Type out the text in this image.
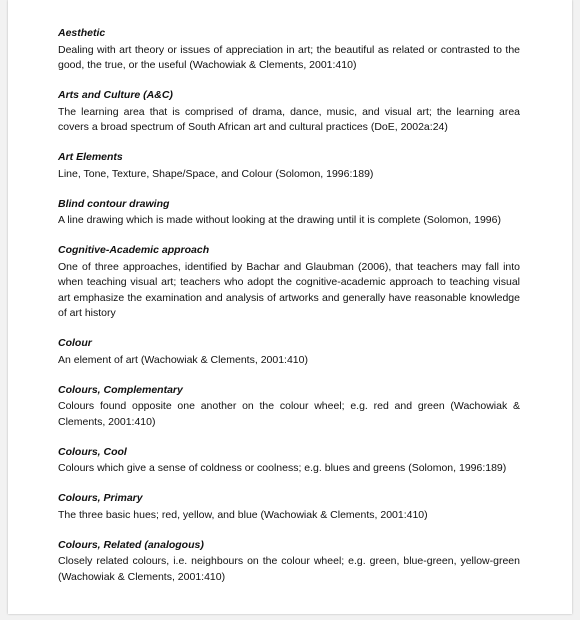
Aesthetic
Dealing with art theory or issues of appreciation in art; the beautiful as related or contrasted to the good, the true, or the useful (Wachowiak & Clements, 2001:410)
Arts and Culture (A&C)
The learning area that is comprised of drama, dance, music, and visual art; the learning area covers a broad spectrum of South African art and cultural practices (DoE, 2002a:24)
Art Elements
Line, Tone, Texture, Shape/Space, and Colour (Solomon, 1996:189)
Blind contour drawing
A line drawing which is made without looking at the drawing until it is complete (Solomon, 1996)
Cognitive-Academic approach
One of three approaches, identified by Bachar and Glaubman (2006), that teachers may fall into when teaching visual art; teachers who adopt the cognitive-academic approach to teaching visual art emphasize the examination and analysis of artworks and generally have reasonable knowledge of art history
Colour
An element of art (Wachowiak & Clements, 2001:410)
Colours, Complementary
Colours found opposite one another on the colour wheel; e.g. red and green (Wachowiak & Clements, 2001:410)
Colours, Cool
Colours which give a sense of coldness or coolness; e.g. blues and greens (Solomon, 1996:189)
Colours, Primary
The three basic hues; red, yellow, and blue (Wachowiak & Clements, 2001:410)
Colours, Related (analogous)
Closely related colours, i.e. neighbours on the colour wheel; e.g. green, blue-green, yellow-green (Wachowiak & Clements, 2001:410)
